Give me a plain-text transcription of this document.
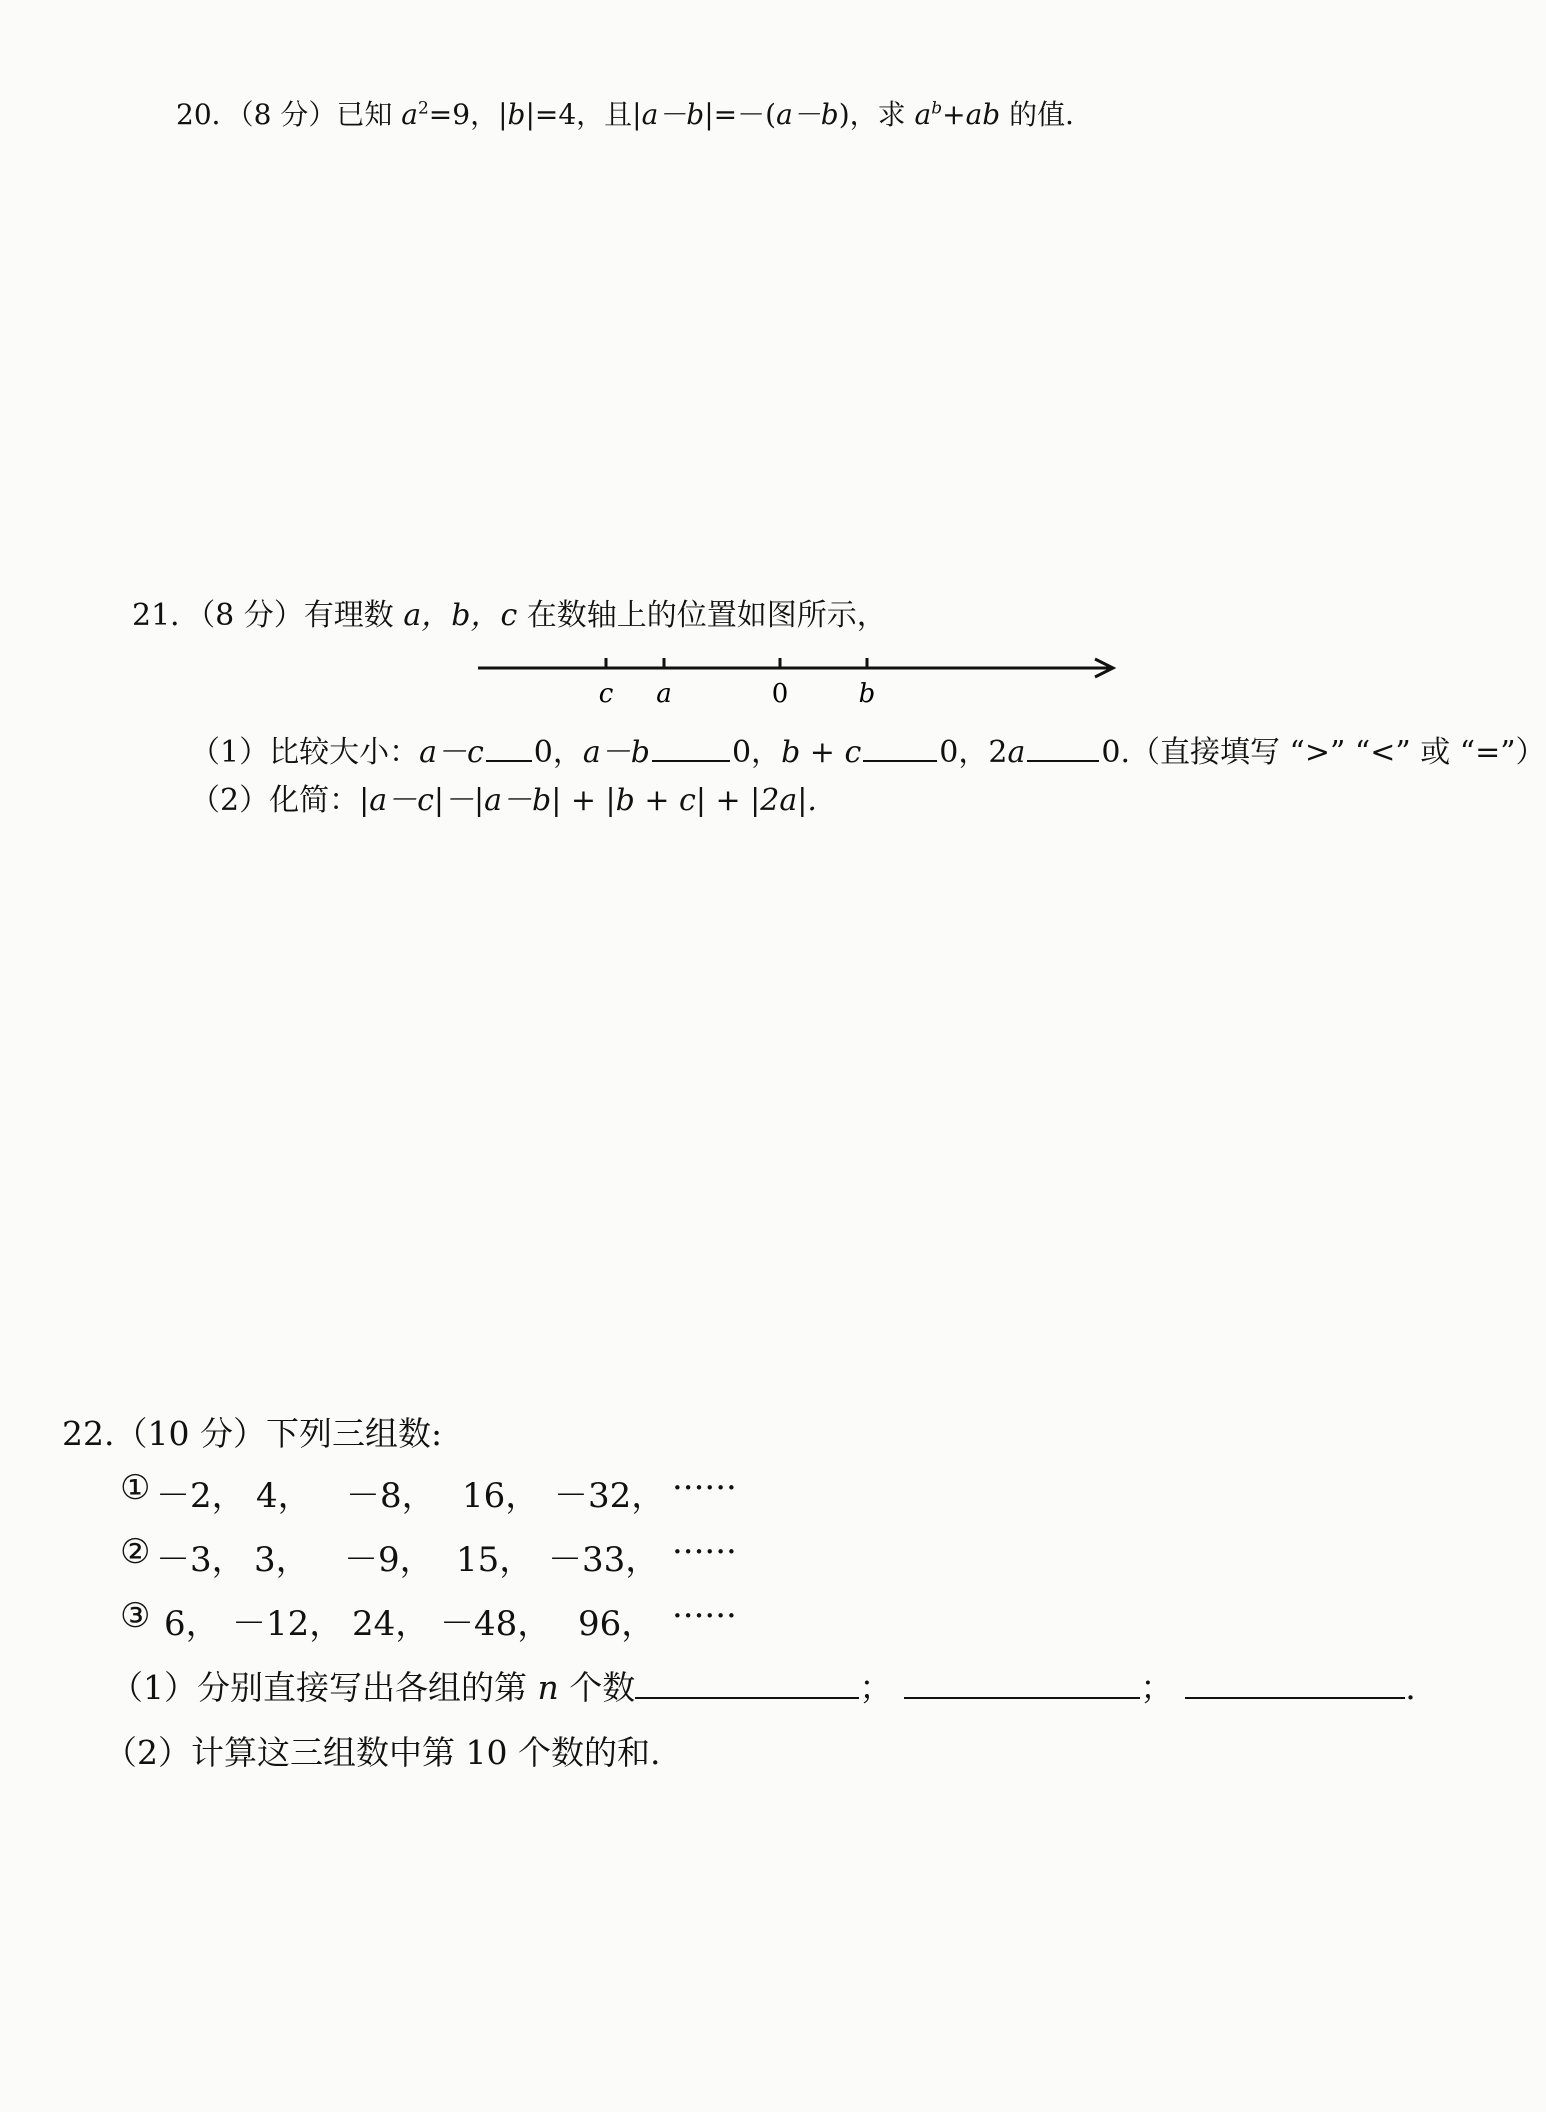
20．（8 分）已知 $a^2=9$，|b|=4，且|a－b|=－(a－b)，求 $a^b+ab$ 的值．
21．（8 分）有理数 a，b，c 在数轴上的位置如图所示，
c a	0	b
（1）比较大小：a－c 0，a－b	0，b + c	0，2a	0.（直接填写 “>” “<” 或 “=”）
（2）化简：|a－c|－|a－b| + |b + c| + |2a|.
22.（10 分）下列三组数:
① －2， 4， －8， 16， －32， ······
② －3， 3， －9， 15， －33， ······
③ 6， －12， 24， －48， 96， ······
（1）分别直接写出各组的第 n 个数	；	；	.
（2）计算这三组数中第 10 个数的和.
